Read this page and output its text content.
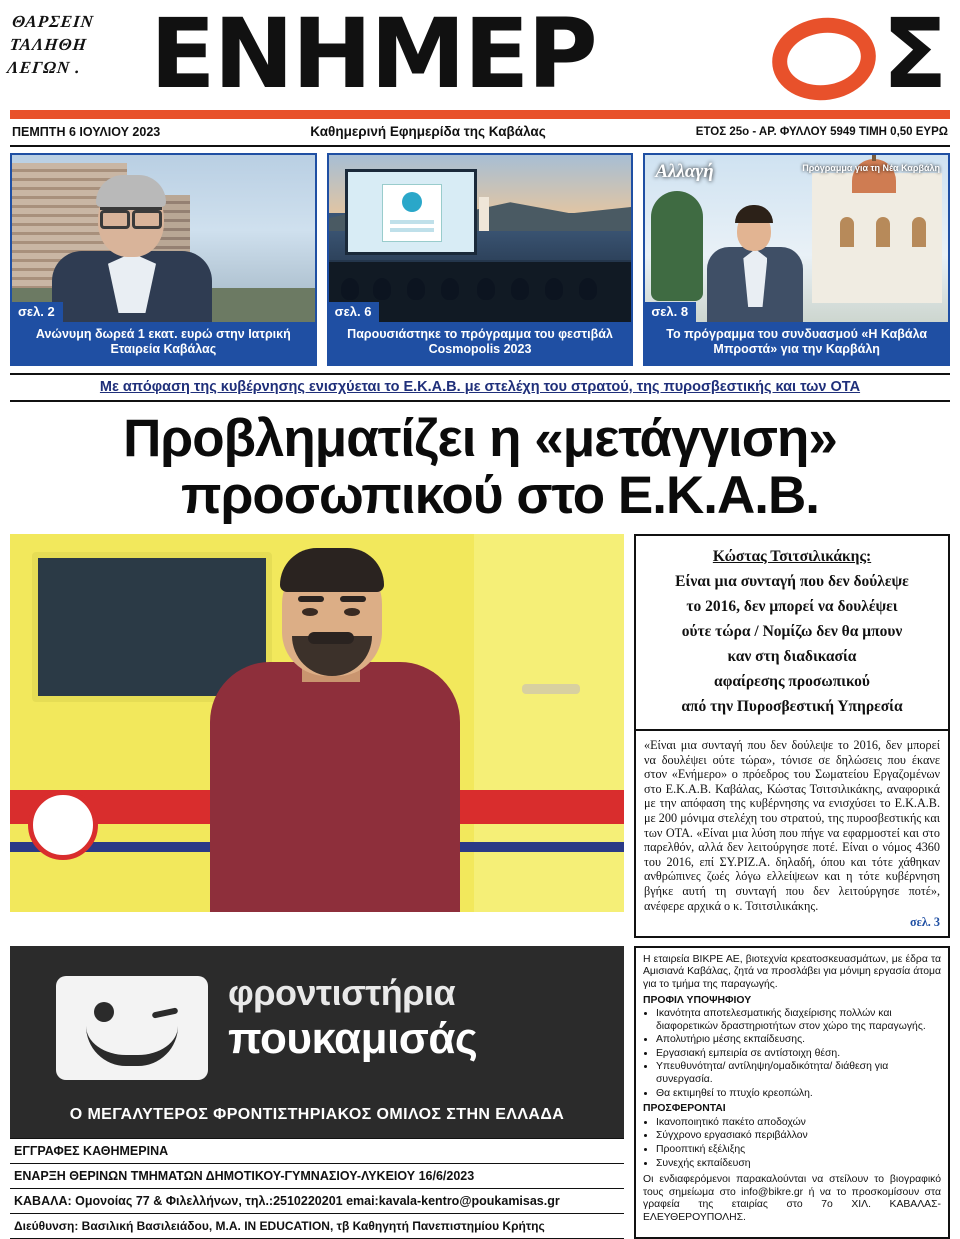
ΘΑΡΣΕΙΝ
ΤΑΛΗΘΗ
ΛΕΓΩΝ . ΕΝΗΜΕΡ	Σ
ΠΕΜΠΤΗ 6 ΙΟΥΛΙΟΥ 2023	Καθημερινή Εφημερίδα της Καβάλας	ΕΤΟΣ 25ο - ΑΡ. ΦΥΛΛΟΥ 5949 ΤΙΜΗ 0,50 ΕΥΡΩ
σελ. 2
Ανώνυμη δωρεά 1 εκατ. ευρώ στην Ιατρική Εταιρεία Καβάλας
σελ. 6
Παρουσιάστηκε το πρόγραμμα του φεστιβάλ Cosmopolis 2023
Αλλαγή	Πρόγραμμα για τη Νέα Καρβάλη
σελ. 8
Το πρόγραμμα του συνδυασμού «Η Καβάλα Μπροστά» για την Καρβάλη
Με απόφαση της κυβέρνησης ενισχύεται το Ε.Κ.Α.Β. με στελέχη του στρατού, της πυροσβεστικής και των ΟΤΑ
Προβληματίζει η «μετάγγιση»
προσωπικού στο Ε.Κ.Α.Β.
Κώστας Τσιτσιλικάκης:
Είναι μια συνταγή που δεν δούλεψε
το 2016, δεν μπορεί να δουλέψει
ούτε τώρα / Νομίζω δεν θα μπουν
καν στη διαδικασία
αφαίρεσης προσωπικού
από την Πυροσβεστική Υπηρεσία
«Είναι μια συνταγή που δεν δούλεψε το 2016, δεν μπορεί να δουλέψει ούτε τώρα», τόνισε σε δηλώσεις που έκανε στον «Ενήμερο» ο πρόεδρος του Σωματείου Εργαζομένων στο Ε.Κ.Α.Β. Καβάλας, Κώστας Τσιτσιλικάκης, αναφορικά με την απόφαση της κυβέρνησης να ενισχύσει το Ε.Κ.Α.Β. με 200 μόνιμα στελέχη του στρατού, της πυροσβεστικής και των ΟΤΑ. «Είναι μια λύση που πήγε να εφαρμοστεί και στο παρελθόν, αλλά δεν λειτούργησε ποτέ. Είναι ο νόμος 4360 του 2016, επί ΣΥ.ΡΙΖ.Α. δηλαδή, όπου και τότε χάθηκαν ανθρώπινες ζωές λόγω ελλείψεων και η τότε κυβέρνηση βγήκε αυτή τη συνταγή που δεν λειτούργησε ποτέ», ανέφερε αρχικά ο κ. Τσιτσιλικάκης.
σελ. 3
φροντιστήρια
πουκαμισάς
Ο ΜΕΓΑΛΥΤΕΡΟΣ ΦΡΟΝΤΙΣΤΗΡΙΑΚΟΣ ΟΜΙΛΟΣ ΣΤΗΝ ΕΛΛΑΔΑ
ΕΓΓΡΑΦΕΣ ΚΑΘΗΜΕΡΙΝΑ
ΕΝΑΡΞΗ ΘΕΡΙΝΩΝ ΤΜΗΜΑΤΩΝ ΔΗΜΟΤΙΚΟΥ-ΓΥΜΝΑΣΙΟΥ-ΛΥΚΕΙΟΥ 16/6/2023
ΚΑΒΑΛΑ: Ομονοίας 77 & Φιλελλήνων, τηλ.:2510220201 emai:kavala-kentro@poukamisas.gr
Διεύθυνση: Βασιλική Βασιλειάδου, Μ.Α. IN EDUCATION, τβ Καθηγητή Πανεπιστημίου Κρήτης

Η εταιρεία ΒΙΚΡΕ ΑΕ, βιοτεχνία κρεατοσκευασμάτων, με έδρα τα Αμισιανά Καβάλας, ζητά να προσλάβει για μόνιμη εργασία άτομα για το τμήμα της παραγωγής.

ΠΡΟΦΙΛ ΥΠΟΨΗΦΙΟΥ
• Ικανότητα αποτελεσματικής διαχείρισης πολλών και διαφορετικών δραστηριοτήτων στον χώρο της παραγωγής.
• Απολυτήριο μέσης εκπαίδευσης.
• Εργασιακή εμπειρία σε αντίστοιχη θέση.
• Υπευθυνότητα/ αντίληψη/ομαδικότητα/ διάθεση για συνεργασία.
• Θα εκτιμηθεί το πτυχίο κρεοπώλη.
ΠΡΟΣΦΕΡΟΝΤΑΙ
• Ικανοποιητικό πακέτο αποδοχών
• Σύγχρονο εργασιακό περιβάλλον
• Προοπτική εξέλιξης
• Συνεχής εκπαίδευση

Οι ενδιαφερόμενοι παρακαλούνται να στείλουν το βιογραφικό τους σημείωμα στο info@bikre.gr ή να το προσκομίσουν στα γραφεία της εταιρίας στο 7ο ΧΙΛ. ΚΑΒΑΛΑΣ- ΕΛΕΥΘΕΡΟΥΠΟΛΗΣ.
